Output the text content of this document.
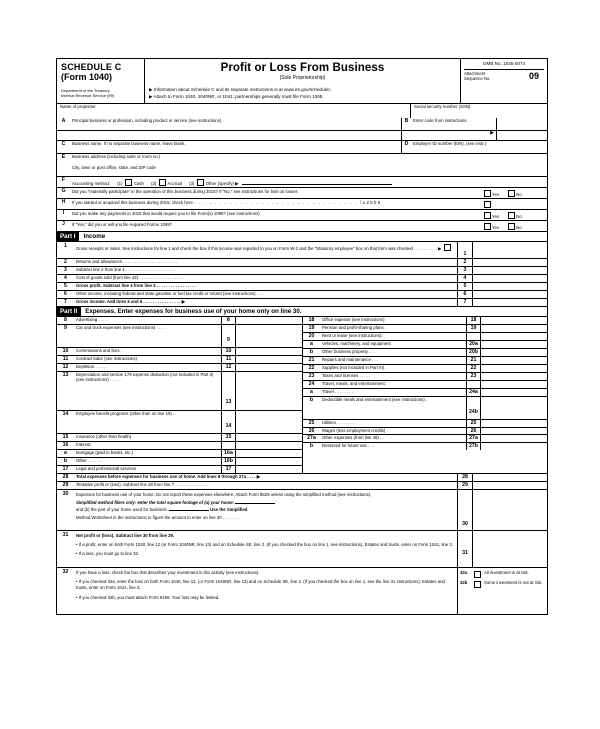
SCHEDULE C
(Form 1040)
Department of the Treasury
Internal Revenue Service (99)
Profit or Loss From Business
(Sole Proprietorship)
▶ Information about Schedule C and its separate instructions is at www.irs.gov/schedulec.
▶ Attach to Form 1040, 1040NR, or 1041; partnerships generally must file Form 1065.
OMB No. 1545-0074
Attachment
Sequence No.	09
Name of proprietor	Social security number (SSN)
A	Principal business or profession, including product or service (see instructions)	B	Enter code from instructions
▶
C	Business name. If no separate business name, leave blank.	D	Employer ID number (EIN), (see instr.)
E	Business address (including suite or room no.)
City, town or post office, state, and ZIP code
F
Accounting method: (1)	Cash (2)	Accrual (3)	Other (specify) ▶
G	Did you “materially participate” in the operation of this business during 2015? If “No,” see instructions for limit on losses
Yes	No
H	If you started or acquired this business during 2015, check here . . . . . . . . . . . . . . . . . . . . . . . . . . . . . . . . \u25b6
I	Did you make any payments in 2015 that would require you to file Form(s) 1099? (see instructions)
Yes	No
J	If “Yes,” did you or will you file required Forms 1099?
Yes	No
Part I	Income
1	Gross receipts or sales. See instructions for line 1 and check the box if this income was reported to you on Form W-2 and the “Statutory employee” box on that form was checked . . . . . . . . . . ▶
1
2	Returns and allowances . . . . . . . . . . . . . . . . . . . . . . .	2
3	Subtract line 2 from line 1 . . . . . . . . . . . . . . . . . . . . .	3
4	Cost of goods sold (from line 42) . . . . . . . . . . . . . . . . . . .	4
5	Gross profit. Subtract line 4 from line 3 . . . . . . . . . . . . . . . . .	5
6	Other income, including federal and state gasoline or fuel tax credit or refund (see instructions) . . .	6
7	Gross income. Add lines 5 and 6 . . . . . . . . . . . . . . . . ▶	7
Part II	Expenses. Enter expenses for business use of your home only on line 30.
8	Advertising . . . .	8
9	Car and truck expenses (see instructions) . . . .
9
10	Commissions and fees .	10
11	Contract labor (see instructions)	11
12	Depletion . . . . .	12
13	Depreciation and section 179 expense deduction (not included in Part II) (see instructions) . . . . .
13
14	Employee benefit programs (other than on line 19) . .
14
15	Insurance (other than health) .	15
16	Interest:
a	Mortgage (paid to banks, etc.)	16a
b	Other . . . . . .	16b
17	Legal and professional services	17
18	Office expense (see instructions)	18
19	Pension and profit-sharing plans .	19
20	Rent or lease (see instructions):
a	Vehicles, machinery, and equipment	20a
b	Other business property . . .	20b
21	Repairs and maintenance . . .	21
22	Supplies (not included in Part III) .	22
23	Taxes and licenses . . . . .	23
24	Travel, meals, and entertainment:
a	Travel . . . . . . . . .	24a
b	Deductible meals and entertainment (see instructions) .
24b
25	Utilities . . . . . . . .	25
26	Wages (less employment credits) .	26
27a	Other expenses (from line 48) . .	27a
b	Reserved for future use . . .	27b
28	Total expenses before expenses for business use of home. Add lines 8 through 27a . . . . ▶	28
29	Tentative profit or (loss). Subtract line 28 from line 7 . . . . . . . . . . . . . .	29
30	Expenses for business use of your home. Do not report these expenses elsewhere. Attach Form 8829 unless using the simplified method (see instructions).
Simplified method filers only: enter the total square footage of (a) your home:
and (b) the part of your home used for business:	Use the Simplified
Method Worksheet in the instructions to figure the amount to enter on line 30 . . . . . . .
30
31	Net profit or (loss). Subtract line 30 from line 29.
• If a profit, enter on both Form 1040, line 12 (or Form 1040NR, line 13) and on Schedule SE, line 2. (If you checked the box on line 1, see instructions). Estates and trusts, enter on Form 1041, line 3.
• If a loss, you must go to line 32.	31
32	If you have a loss, check the box that describes your investment in this activity (see instructions).
• If you checked 32a, enter the loss on both Form 1040, line 12, (or Form 1040NR, line 13) and on Schedule SE, line 2. (If you checked the box on line 1, see the line 31 instructions). Estates and trusts, enter on Form 1041, line 3.
• If you checked 32b, you must attach Form 6198. Your loss may be limited.
32a	All investment is at risk.
32b	Some investment is not at risk.
